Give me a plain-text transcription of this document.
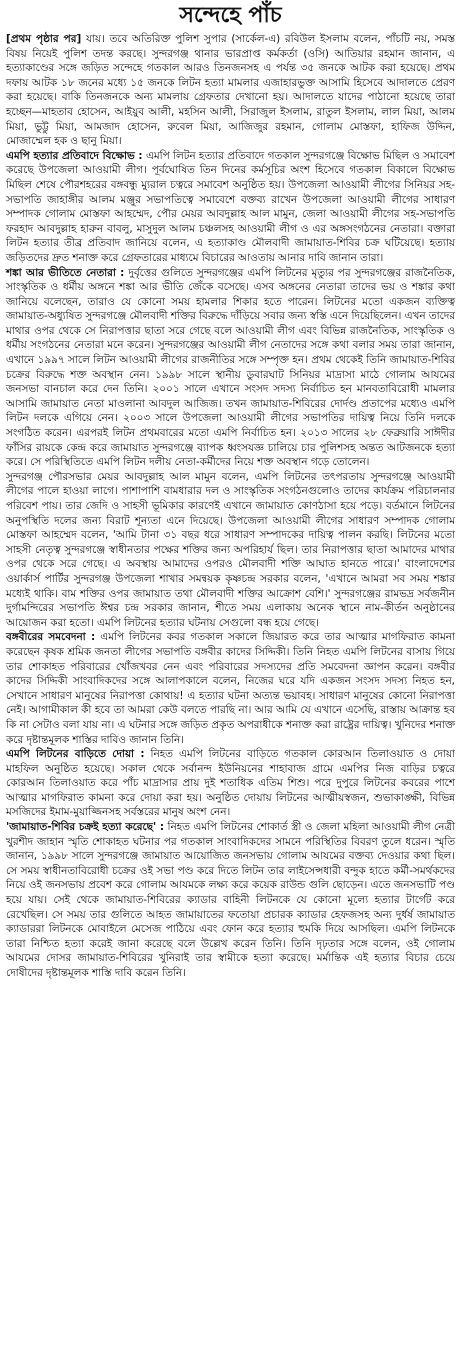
সন্দেহে পাঁচ

[প্রথম পৃষ্ঠার পর] যায়। তবে অতিরিক্ত পুলিশ সুপার (সার্কেল-এ) রবিউল ইসলাম বলেন, পাঁচটি নয়, সমস্ত বিষয় নিয়েই পুলিশ তদন্ত করছে। সুন্দরগঞ্জ থানার ভারপ্রাপ্ত কর্মকর্তা (ওসি) আতিয়ার রহমান জানান, এ হত্যাকাণ্ডের সঙ্গে জড়িত সন্দেহে গতকাল আরও তিনজনসহ এ পর্যন্ত ৩৫ জনকে আটক করা হয়েছে। প্রথম দফায় আটক ১৮ জনের মধ্যে ১৫ জনকে লিটন হত্যা মামলার এজাহারভুক্ত আসামি হিসেবে আদালতে প্রেরণ করা হয়েছে। বাকি তিনজনকে অন্য মামলায় গ্রেফতার দেখানো হয়। আদালতে যাদের পাঠানো হয়েছে তারা হচ্ছেন—মাহতাব হোসেন, আইয়ুব আলী, মহসিন আলী, সিরাজুল ইসলাম, রাতুল ইসলাম, লাল মিয়া, আলম মিয়া, ভুট্টু মিয়া, আমজাদ হোসেন, রুবেল মিয়া, আজিজুর রহমান, গোলাম মোস্তফা, হাফিজ উদ্দিন, মোজাম্মেল হক ও ছানু মিয়া।

এমপি হত্যার প্রতিবাদে বিক্ষোভ : এমপি লিটন হত্যার প্রতিবাদে গতকাল সুন্দরগঞ্জে বিক্ষোভ মিছিল ও সমাবেশ করেছে উপজেলা আওয়ামী লীগ। পূর্বঘোষিত তিন দিনের কর্মসূচির অংশ হিসেবে গতকাল বিকালে বিক্ষোভ মিছিল শেষে পৌরশহরের বঙ্গবন্ধু ম্যুরাল চত্বরে সমাবেশ অনুষ্ঠিত হয়। উপজেলা আওয়ামী লীগের সিনিয়র সহ-সভাপতি জাহাঙ্গীর আলম মঞ্জুর সভাপতিত্বে সমাবেশে বক্তব্য রাখেন উপজেলা আওয়ামী লীগের সাধারণ সম্পাদক গোলাম মোস্তফা আহম্মেদ, পৌর মেয়র আবদুল্লাহ আল মামুন, জেলা আওয়ামী লীগের সহ-সভাপতি ফরহাদ আবদুল্লাহ হারুন বাবলু, মাসুদুল আলম চঞ্চলসহ আওয়ামী লীগ ও এর অঙ্গসংগঠনের নেতারা। বক্তারা লিটন হত্যার তীব্র প্রতিবাদ জানিয়ে বলেন, এ হত্যাকাণ্ড মৌলবাদী জামায়াত-শিবির চক্র ঘটিয়েছে। হত্যায় জড়িতদের দ্রুত শনাক্ত করে গ্রেফতারের মাধ্যমে বিচারের আওতায় আনার দাবি জানান তারা।

শঙ্কা আর ভীতিতে নেতারা : দুর্বৃত্তের গুলিতে সুন্দরগঞ্জের এমপি লিটনের মৃত্যুর পর সুন্দরগঞ্জের রাজনৈতিক, সাংস্কৃতিক ও ধর্মীয় অঙ্গনে শঙ্কা আর ভীতি জেঁকে বসেছে। এসব অঙ্গনের নেতারা তাদের ভয় ও শঙ্কার কথা জানিয়ে বলেছেন, তারাও যে কোনো সময় হামলার শিকার হতে পারেন। লিটনের মতো একজন ব্যক্তিত্ব জামায়াত-অধ্যুষিত সুন্দরগঞ্জে মৌলবাদী শক্তির বিরুদ্ধে দাঁড়িয়ে সবার জন্য স্বস্তি এনে দিয়েছিলেন। এখন তাদের মাথার ওপর থেকে সে নিরাপত্তার ছাতা সরে গেছে বলে আওয়ামী লীগ এবং বিভিন্ন রাজনৈতিক, সাংস্কৃতিক ও ধর্মীয় সংগঠনের নেতারা মনে করেন। সুন্দরগঞ্জের আওয়ামী লীগ নেতাদের সঙ্গে কথা বলার সময় তারা জানান, এখানে ১৯৯৭ সালে লিটন আওয়ামী লীগের রাজনীতির সঙ্গে সম্পৃক্ত হন। প্রথম থেকেই তিনি জামায়াত-শিবির চক্রের বিরুদ্ধে শক্ত অবস্থান নেন। ১৯৯৮ সালে স্থানীয় ডুবারঘাট সিনিয়র মাদ্রাসা মাঠে গোলাম আযমের জনসভা বানচাল করে দেন তিনি। ২০০১ সালে এখানে সংসদ সদস্য নির্বাচিত হন মানবতাবিরোধী মামলার আসামি জামায়াত নেতা মাওলানা আবদুল আজিজ। তখন জামায়াত-শিবিরের দোর্দণ্ড প্রতাপের মধ্যেও এমপি লিটন দলকে এগিয়ে নেন। ২০০৩ সালে উপজেলা আওয়ামী লীগের সভাপতির দায়িত্ব নিয়ে তিনি দলকে সংগঠিত করেন। এরপরই লিটন প্রথমবারের মতো এমপি নির্বাচিত হন। ২০১৩ সালের ২৮ ফেব্রুয়ারি সাঈদীর ফাঁসির রায়কে কেন্দ্র করে জামায়াত সুন্দরগঞ্জে ব্যাপক ধ্বংসযজ্ঞ চালিয়ে চার পুলিশসহ অন্তত আটজনকে হত্যা করে। সে পরিস্থিতিতে এমপি লিটন দলীয় নেতা-কর্মীদের নিয়ে শক্ত অবস্থান গড়ে তোলেন।

সুন্দরগঞ্জ পৌরসভার মেয়র আবদুল্লাহ আল মামুন বলেন, এমপি লিটনের তৎপরতায় সুন্দরগঞ্জে আওয়ামী লীগের পালে হাওয়া লাগে। পাশাপাশি বামধারার দল ও সাংস্কৃতিক সংগঠনগুলোও তাদের কার্যক্রম পরিচালনার পরিবেশ পায়। তার জেদি ও সাহসী ভূমিকার কারণেই এখানে জামায়াত কোণঠাসা হয়ে পড়ে। বর্তমানে লিটনের অনুপস্থিতি দলের জন্য বিরাট শূন্যতা এনে দিয়েছে। উপজেলা আওয়ামী লীগের সাধারণ সম্পাদক গোলাম মোস্তফা আহম্মেদ বলেন, 'আমি টানা ৩১ বছর ধরে সাধারণ সম্পাদকের দায়িত্ব পালন করছি। লিটনের মতো সাহসী নেতৃত্ব সুন্দরগঞ্জে স্বাধীনতার পক্ষের শক্তির জন্য অপরিহার্য ছিল। তার নিরাপত্তার ছাতা আমাদের মাথার ওপর থেকে সরে গেছে। এ অবস্থায় আমাদের ওপরও মৌলবাদী শক্তি আঘাত হানতে পারে।' বাংলাদেশের ওয়ার্কার্স পার্টির সুন্দরগঞ্জ উপজেলা শাখার সমন্বয়ক কৃষ্ণচন্দ্র সরকার বলেন, 'এখানে আমরা সব সময় শঙ্কার মধ্যেই থাকি। বাম শক্তির ওপর জামায়াত তথা মৌলবাদী শক্তির আক্রোশ বেশি।' সুন্দরগঞ্জের রামভদ্র সর্বজনীন দুর্গামন্দিরের সভাপতি ঈশ্বর চন্দ্র সরকার জানান, শীতে সময় এলাকায় অনেক স্থানে নাম-কীর্তন অনুষ্ঠানের আয়োজন করা হতো। এমপি লিটনের হত্যার ঘটনায় সেগুলো বন্ধ হয়ে গেছে।

বঙ্গবীরের সমবেদনা : এমপি লিটনের কবর গতকাল সকালে জিয়ারত করে তার আত্মার মাগফিরাত কামনা করেছেন কৃষক শ্রমিক জনতা লীগের সভাপতি বঙ্গবীর কাদের সিদ্দিকী। তিনি নিহত এমপি লিটনের বাসায় গিয়ে তার শোকাহত পরিবারের খোঁজখবর নেন এবং পরিবারের সদস্যদের প্রতি সমবেদনা জ্ঞাপন করেন। বঙ্গবীর কাদের সিদ্দিকী সাংবাদিকদের সঙ্গে আলাপকালে বলেন, নিজের ঘরে যদি একজন সংসদ সদস্য নিহত হন, সেখানে সাধারণ মানুষের নিরাপত্তা কোথায়! এ হত্যার ঘটনা অত্যন্ত ভয়াবহ। সাধারণ মানুষের কোনো নিরাপত্তা নেই। আগামীকাল কী হবে তা আমরা কেউ বলতে পারছি না। আর আমি যে এখানে এসেছি, রাস্তায় আক্রান্ত হব কি না সেটাও বলা যায় না। এ ঘটনার সঙ্গে জড়িত প্রকৃত অপরাধীকে শনাক্ত করা রাষ্ট্রের দায়িত্ব। খুনিদের শনাক্ত করে দৃষ্টান্তমূলক শাস্তির দাবিও জানান তিনি।

এমপি লিটনের বাড়িতে দোয়া : নিহত এমপি লিটনের বাড়িতে গতকাল কোরআন তিলাওয়াত ও দোয়া মাহফিল অনুষ্ঠিত হয়েছে। সকাল থেকে সর্বানন্দ ইউনিয়নের শাহাবাজ গ্রামে এমপির নিজ বাড়ির চত্বরে কোরআন তিলাওয়াত করে পাঁচ মাদ্রাসার প্রায় দুই শতাধিক এতিম শিশু। পরে দুপুরে লিটনের কবরের পাশে আত্মার মাগফিরাত কামনা করে দোয়া করা হয়। অনুষ্ঠিত দোয়ায় লিটনের আত্মীয়স্বজন, শুভাকাঙ্ক্ষী, বিভিন্ন মসজিদের ইমাম-মুয়াজ্জিনসহ সর্বস্তরের মানুষ অংশ নেন।

'জামায়াত-শিবির চক্রই হত্যা করেছে' : নিহত এমপি লিটনের শোকার্ত স্ত্রী ও জেলা মহিলা আওয়ামী লীগ নেত্রী খুরশীদ জাহান স্মৃতি শোকাহত ঘটনার পর গতকাল সাংবাদিকদের সামনে পরিস্থিতির বিবরণ তুলে ধরেন। স্মৃতি জানান, ১৯৯৮ সালে সুন্দরগঞ্জে জামায়াত আয়োজিত জনসভায় গোলাম আযমের বক্তব্য দেওয়ার কথা ছিল। সে সময় স্বাধীনতাবিরোধী চক্রের ওই সভা পণ্ড করে দিতে লিটন তার লাইসেন্সধারী বন্দুক হাতে কর্মী-সমর্থকদের নিয়ে ওই জনসভায় প্রবেশ করে গোলাম আযমকে লক্ষ্য করে কয়েক রাউন্ড গুলি ছোড়েন। এতে জনসভাটি পণ্ড হয়ে যায়। সেই থেকে জামায়াত-শিবিরের ক্যাডার বাহিনী লিটনকে যে কোনো মূল্যে হত্যার টার্গেট করে রেখেছিল। সে সময় তার গুলিতে আহত জামায়াতের ফতোয়া প্রচারক ক্যাডার হেফজসহ অন্য দুর্ধর্ষ জামায়াত ক্যাডাররা লিটনকে মোবাইলে মেসেজ পাঠিয়ে এবং ফোন করে হত্যার হুমকি দিয়ে আসছিল। এমপি লিটনকে তারা নিশ্চিত হত্যা করেই জানা করেছে বলে উল্লেখ করেন তিনি। তিনি দৃঢ়তার সঙ্গে বলেন, ওই গোলাম আযমের দোসর জামায়াত-শিবিরের খুনিরাই তার স্বামীকে হত্যা করেছে। মর্মান্তিক এই হত্যার বিচার চেয়ে দোষীদের দৃষ্টান্তমূলক শাস্তি দাবি করেন তিনি।
